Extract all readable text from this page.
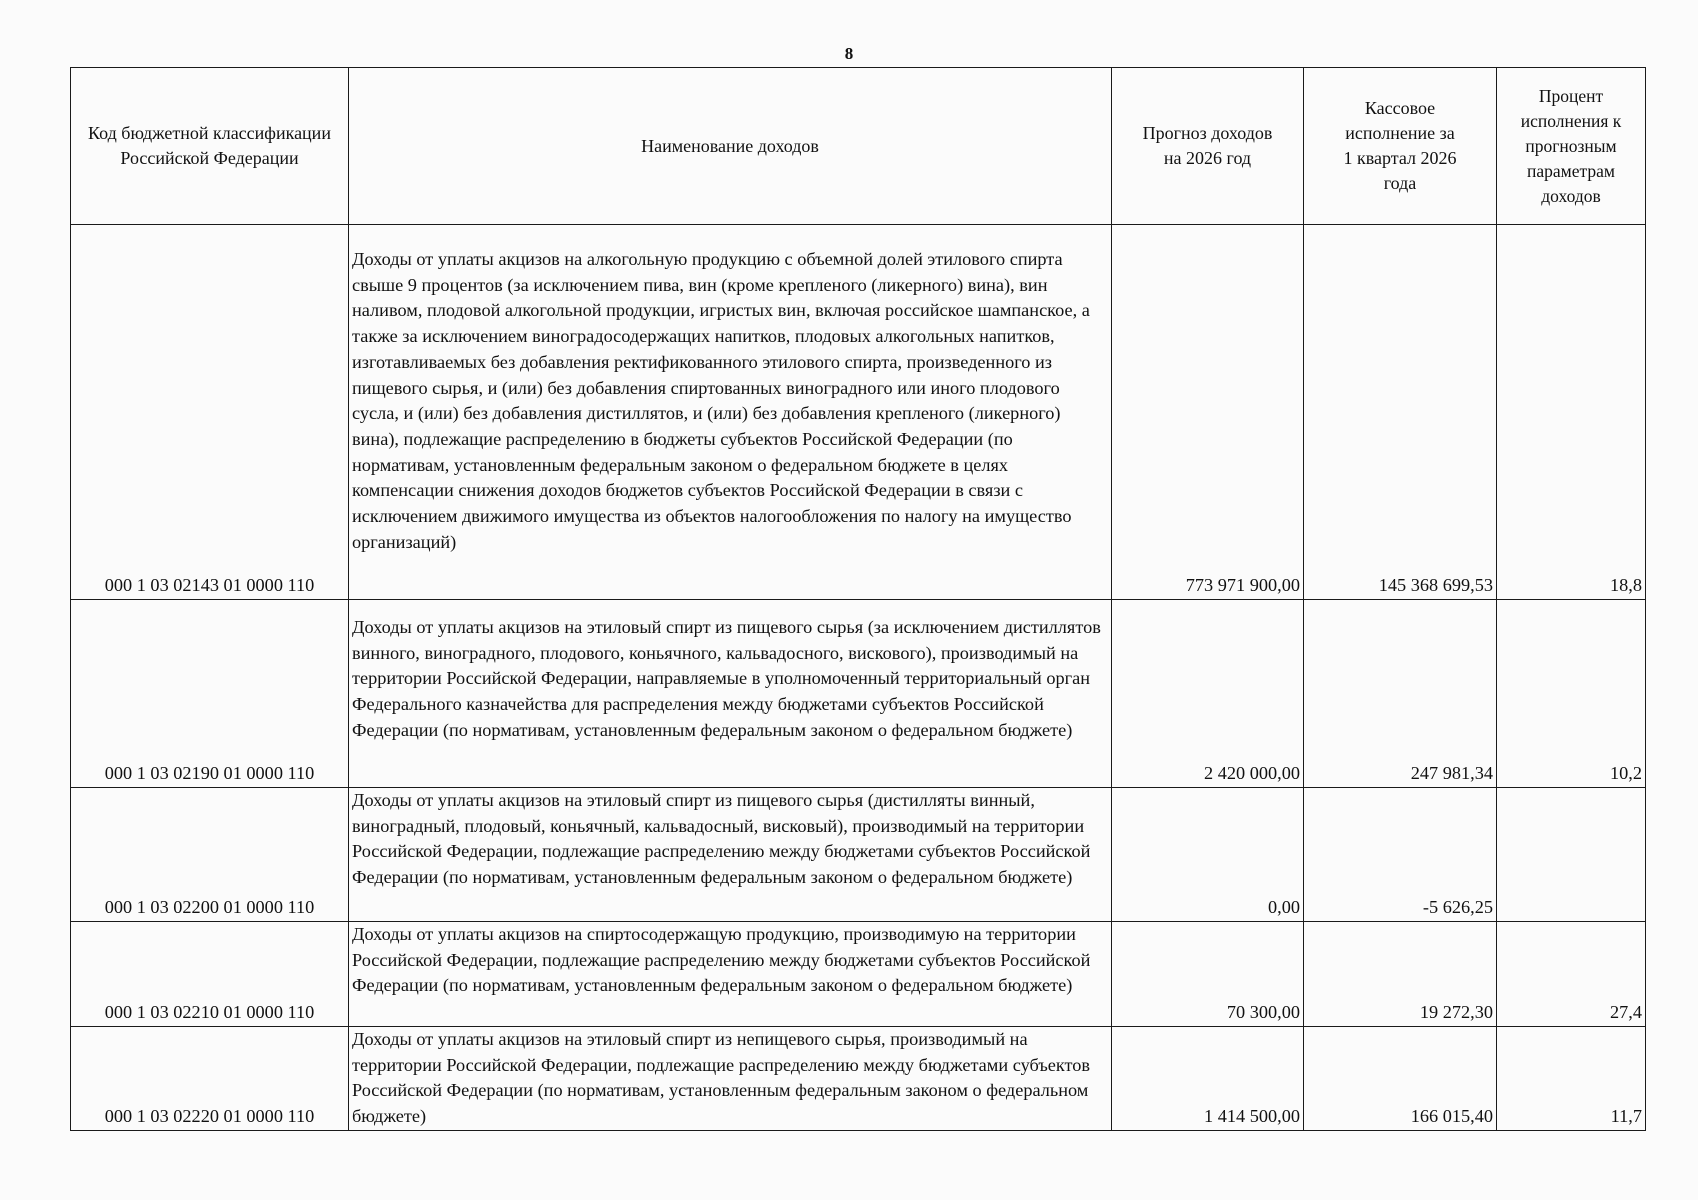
8
Код бюджетной классификации Российской Федерации	Наименование доходов	Прогноз доходов на 2026 год	Кассовое исполнение за 1 квартал 2026 года	Процент исполнения к прогнозным параметрам доходов
000 1 03 02143 01 0000 110	Доходы от уплаты акцизов на алкогольную продукцию с объемной долей этилового спирта свыше 9 процентов (за исключением пива, вин (кроме крепленого (ликерного) вина), вин наливом, плодовой алкогольной продукции, игристых вин, включая российское шампанское, а также за исключением виноградосодержащих напитков, плодовых алкогольных напитков, изготавливаемых без добавления ректификованного этилового спирта, произведенного из пищевого сырья, и (или) без добавления спиртованных виноградного или иного плодового сусла, и (или) без добавления дистиллятов, и (или) без добавления крепленого (ликерного) вина), подлежащие распределению в бюджеты субъектов Российской Федерации (по нормативам, установленным федеральным законом о федеральном бюджете в целях компенсации снижения доходов бюджетов субъектов Российской Федерации в связи с исключением движимого имущества из объектов налогообложения по налогу на имущество организаций)	773 971 900,00	145 368 699,53	18,8
000 1 03 02190 01 0000 110	Доходы от уплаты акцизов на этиловый спирт из пищевого сырья (за исключением дистиллятов винного, виноградного, плодового, коньячного, кальвадосного, вискового), производимый на территории Российской Федерации, направляемые в уполномоченный территориальный орган Федерального казначейства для распределения между бюджетами субъектов Российской Федерации (по нормативам, установленным федеральным законом о федеральном бюджете)	2 420 000,00	247 981,34	10,2
000 1 03 02200 01 0000 110	Доходы от уплаты акцизов на этиловый спирт из пищевого сырья (дистилляты винный, виноградный, плодовый, коньячный, кальвадосный, висковый), производимый на территории Российской Федерации, подлежащие распределению между бюджетами субъектов Российской Федерации (по нормативам, установленным федеральным законом о федеральном бюджете)	0,00	-5 626,25	
000 1 03 02210 01 0000 110	Доходы от уплаты акцизов на спиртосодержащую продукцию, производимую на территории Российской Федерации, подлежащие распределению между бюджетами субъектов Российской Федерации (по нормативам, установленным федеральным законом о федеральном бюджете)	70 300,00	19 272,30	27,4
000 1 03 02220 01 0000 110	Доходы от уплаты акцизов на этиловый спирт из непищевого сырья, производимый на территории Российской Федерации, подлежащие распределению между бюджетами субъектов Российской Федерации (по нормативам, установленным федеральным законом о федеральном бюджете)	1 414 500,00	166 015,40	11,7
